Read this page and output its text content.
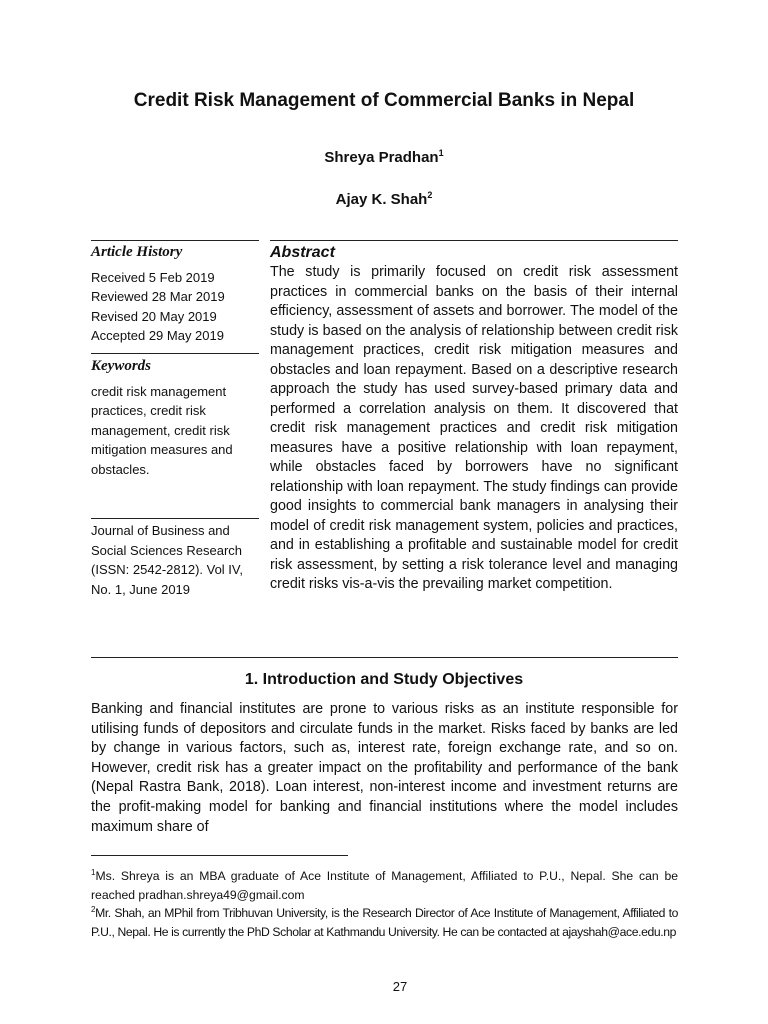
Credit Risk Management of Commercial Banks in Nepal
Shreya Pradhan$^1$
Ajay K. Shah$^2$
Article History
Received 5 Feb 2019
Reviewed 28 Mar 2019
Revised 20 May 2019
Accepted 29 May 2019
Keywords
credit risk management practices, credit risk management, credit risk mitigation measures and obstacles.
Journal of Business and Social Sciences Research (ISSN: 2542-2812). Vol IV, No. 1, June 2019
Abstract
The study is primarily focused on credit risk assessment practices in commercial banks on the basis of their internal efficiency, assessment of assets and borrower. The model of the study is based on the analysis of relationship between credit risk management practices, credit risk mitigation measures and obstacles and loan repayment. Based on a descriptive research approach the study has used survey-based primary data and performed a correlation analysis on them. It discovered that credit risk management practices and credit risk mitigation measures have a positive relationship with loan repayment, while obstacles faced by borrowers have no significant relationship with loan repayment. The study findings can provide good insights to commercial bank managers in analysing their model of credit risk management system, policies and practices, and in establishing a profitable and sustainable model for credit risk assessment, by setting a risk tolerance level and managing credit risks vis-a-vis the prevailing market competition.
1. Introduction and Study Objectives
Banking and financial institutes are prone to various risks as an institute responsible for utilising funds of depositors and circulate funds in the market. Risks faced by banks are led by change in various factors, such as, interest rate, foreign exchange rate, and so on. However, credit risk has a greater impact on the profitability and performance of the bank (Nepal Rastra Bank, 2018). Loan interest, non-interest income and investment returns are the profit-making model for banking and financial institutions where the model includes maximum share of

$^1$Ms. Shreya is an MBA graduate of Ace Institute of Management, Affiliated to P.U., Nepal. She can be reached pradhan.shreya49@gmail.com

$^2$Mr. Shah, an MPhil from Tribhuvan University, is the Research Director of Ace Institute of Management, Affiliated to P.U., Nepal. He is currently the PhD Scholar at Kathmandu University. He can be contacted at ajayshah@ace.edu.np

27
